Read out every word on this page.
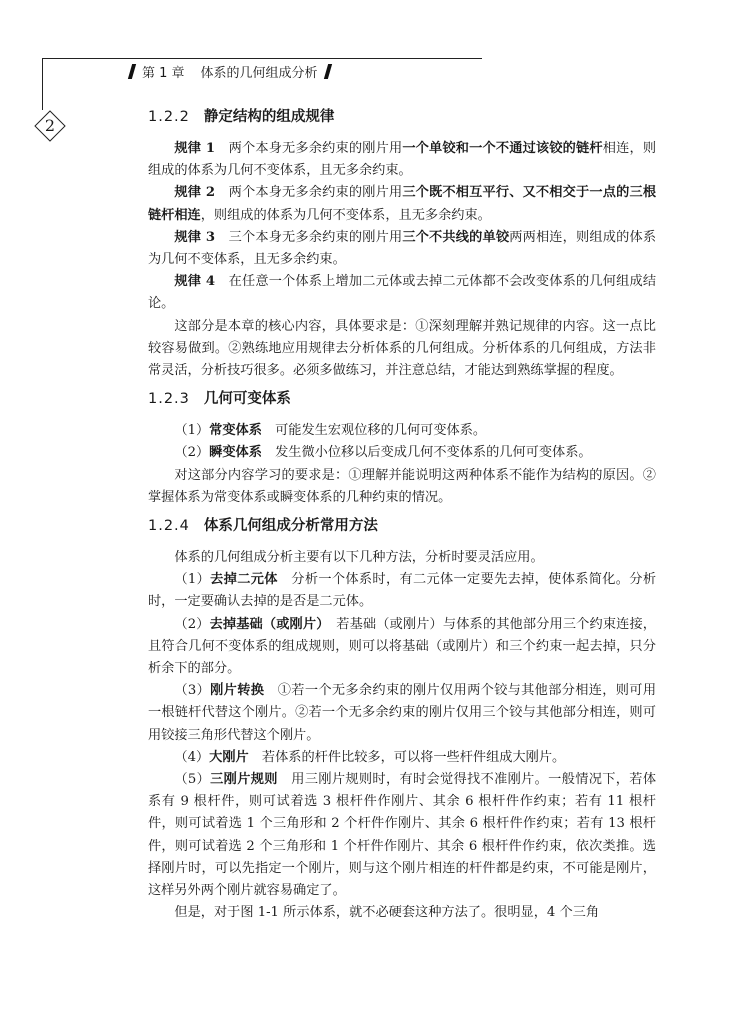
第 1 章 体系的几何组成分析
2	1.2.2 静定结构的组成规律

规律 1　 两个本身无多余约束的刚片用一个单铰和一个不通过该铰的链杆相连，则组成的体系为几何不变体系，且无多余约束。

规律 2　 两个本身无多余约束的刚片用三个既不相互平行、又不相交于一点的三根链杆相连，则组成的体系为几何不变体系，且无多余约束。

规律 3　 三个本身无多余约束的刚片用三个不共线的单铰两两相连，则组成的体系为几何不变体系，且无多余约束。

规律 4　 在任意一个体系上增加二元体或去掉二元体都不会改变体系的几何组成结论。

这部分是本章的核心内容，具体要求是：①深刻理解并熟记规律的内容。这一点比较容易做到。②熟练地应用规律去分析体系的几何组成。分析体系的几何组成，方法非常灵活，分析技巧很多。必须多做练习，并注意总结，才能达到熟练掌握的程度。

1.2.3 几何可变体系

（1）常变体系　 可能发生宏观位移的几何可变体系。

（2）瞬变体系　 发生微小位移以后变成几何不变体系的几何可变体系。

对这部分内容学习的要求是：①理解并能说明这两种体系不能作为结构的原因。②掌握体系为常变体系或瞬变体系的几种约束的情况。

1.2.4 体系几何组成分析常用方法

体系的几何组成分析主要有以下几种方法，分析时要灵活应用。

（1）去掉二元体　 分析一个体系时，有二元体一定要先去掉，使体系简化。分析时，一定要确认去掉的是否是二元体。

（2）去掉基础（或刚片）　 若基础（或刚片）与体系的其他部分用三个约束连接，且符合几何不变体系的组成规则，则可以将基础（或刚片）和三个约束一起去掉，只分析余下的部分。

（3）刚片转换　 ①若一个无多余约束的刚片仅用两个铰与其他部分相连，则可用一根链杆代替这个刚片。②若一个无多余约束的刚片仅用三个铰与其他部分相连，则可用铰接三角形代替这个刚片。

（4）大刚片　 若体系的杆件比较多，可以将一些杆件组成大刚片。

（5）三刚片规则　 用三刚片规则时，有时会觉得找不准刚片。一般情况下，若体系有 9 根杆件，则可试着选 3 根杆件作刚片、其余 6 根杆件作约束；若有 11 根杆件，则可试着选 1 个三角形和 2 个杆件作刚片、其余 6 根杆件作约束；若有 13 根杆件，则可试着选 2 个三角形和 1 个杆件作刚片、其余 6 根杆件作约束，依次类推。选择刚片时，可以先指定一个刚片，则与这个刚片相连的杆件都是约束，不可能是刚片，这样另外两个刚片就容易确定了。

但是，对于图 1-1 所示体系，就不必硬套这种方法了。很明显，4 个三角
